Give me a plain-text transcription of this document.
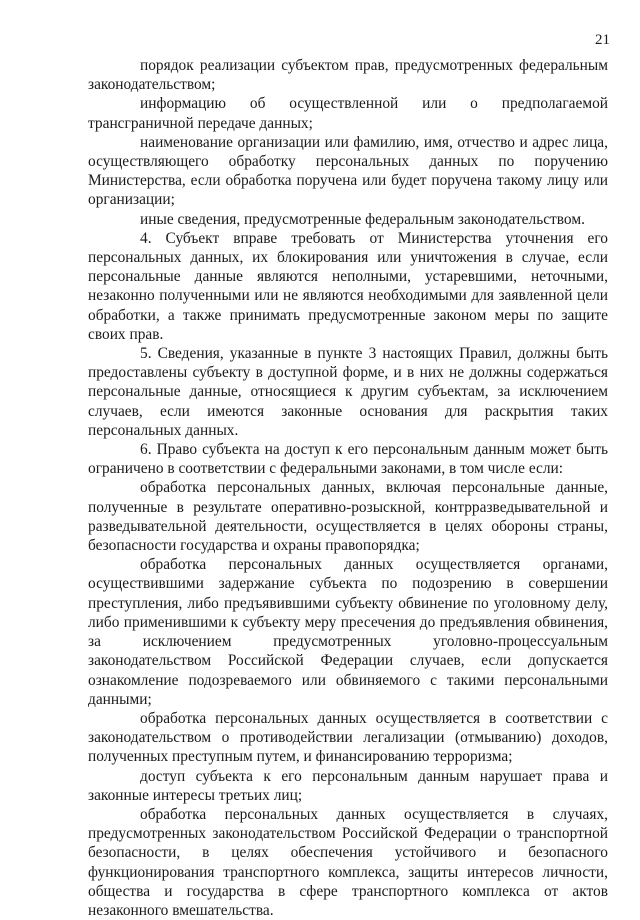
21

порядок реализации субъектом прав, предусмотренных федеральным законодательством;

информацию об осуществленной или о предполагаемой трансграничной передаче данных;

наименование организации или фамилию, имя, отчество и адрес лица, осуществляющего обработку персональных данных по поручению Министерства, если обработка поручена или будет поручена такому лицу или организации;

иные сведения, предусмотренные федеральным законодательством.

4. Субъект вправе требовать от Министерства уточнения его персональных данных, их блокирования или уничтожения в случае, если персональные данные являются неполными, устаревшими, неточными, незаконно полученными или не являются необходимыми для заявленной цели обработки, а также принимать предусмотренные законом меры по защите своих прав.

5. Сведения, указанные в пункте 3 настоящих Правил, должны быть предоставлены субъекту в доступной форме, и в них не должны содержаться персональные данные, относящиеся к другим субъектам, за исключением случаев, если имеются законные основания для раскрытия таких персональных данных.

6. Право субъекта на доступ к его персональным данным может быть ограничено в соответствии с федеральными законами, в том числе если:

обработка персональных данных, включая персональные данные, полученные в результате оперативно-розыскной, контрразведывательной и разведывательной деятельности, осуществляется в целях обороны страны, безопасности государства и охраны правопорядка;

обработка персональных данных осуществляется органами, осуществившими задержание субъекта по подозрению в совершении преступления, либо предъявившими субъекту обвинение по уголовному делу, либо применившими к субъекту меру пресечения до предъявления обвинения, за исключением предусмотренных уголовно-процессуальным законодательством Российской Федерации случаев, если допускается ознакомление подозреваемого или обвиняемого с такими персональными данными;

обработка персональных данных осуществляется в соответствии с законодательством о противодействии легализации (отмыванию) доходов, полученных преступным путем, и финансированию терроризма;

доступ субъекта к его персональным данным нарушает права и законные интересы третьих лиц;

обработка персональных данных осуществляется в случаях, предусмотренных законодательством Российской Федерации о транспортной безопасности, в целях обеспечения устойчивого и безопасного функционирования транспортного комплекса, защиты интересов личности, общества и государства в сфере транспортного комплекса от актов незаконного вмешательства.
